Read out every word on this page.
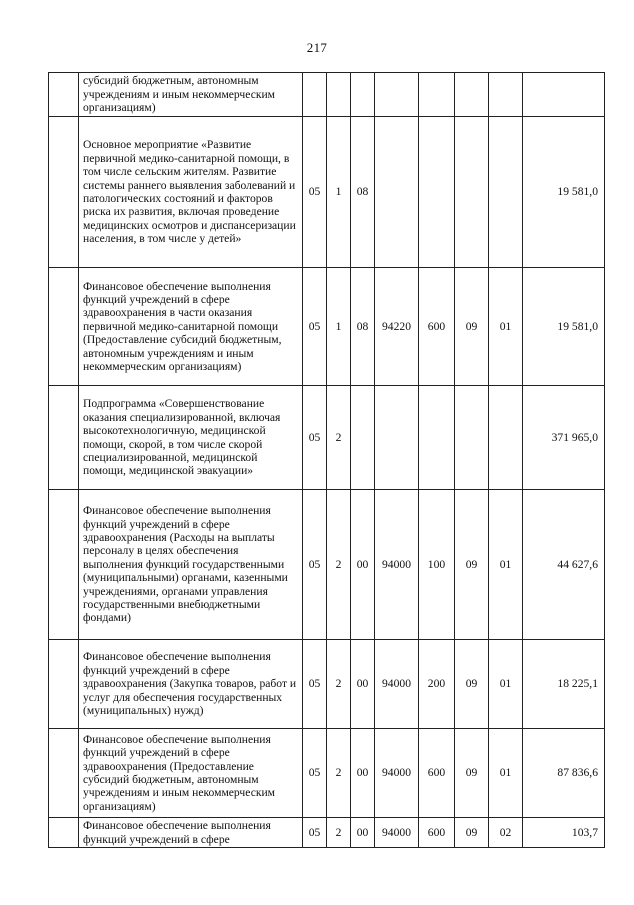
217

	субсидий бюджетным, автономным учреждениям и иным некоммерческим организациям)								

	Основное мероприятие «Развитие первичной медико-санитарной помощи, в том числе сельским жителям. Развитие системы раннего выявления заболеваний и патологических состояний и факторов риска их развития, включая проведение медицинских осмотров и диспансеризации населения, в том числе у детей»	05	1	08					19 581,0

	Финансовое обеспечение выполнения функций учреждений в сфере здравоохранения в части оказания первичной медико-санитарной помощи (Предоставление субсидий бюджетным, автономным учреждениям и иным некоммерческим организациям)	05	1	08	94220	600	09	01	19 581,0

	Подпрограмма «Совершенствование оказания специализированной, включая высокотехнологичную, медицинской помощи, скорой, в том числе скорой специализированной, медицинской помощи, медицинской эвакуации»	05	2						371 965,0

	Финансовое обеспечение выполнения функций учреждений в сфере здравоохранения (Расходы на выплаты персоналу в целях обеспечения выполнения функций государственными (муниципальными) органами, казенными учреждениями, органами управления государственными внебюджетными фондами)	05	2	00	94000	100	09	01	44 627,6

	Финансовое обеспечение выполнения функций учреждений в сфере здравоохранения (Закупка товаров, работ и услуг для обеспечения государственных (муниципальных) нужд)	05	2	00	94000	200	09	01	18 225,1

	Финансовое обеспечение выполнения функций учреждений в сфере здравоохранения (Предоставление субсидий бюджетным, автономным учреждениям и иным некоммерческим организациям)	05	2	00	94000	600	09	01	87 836,6

	Финансовое обеспечение выполнения функций учреждений в сфере	05	2	00	94000	600	09	02	103,7
